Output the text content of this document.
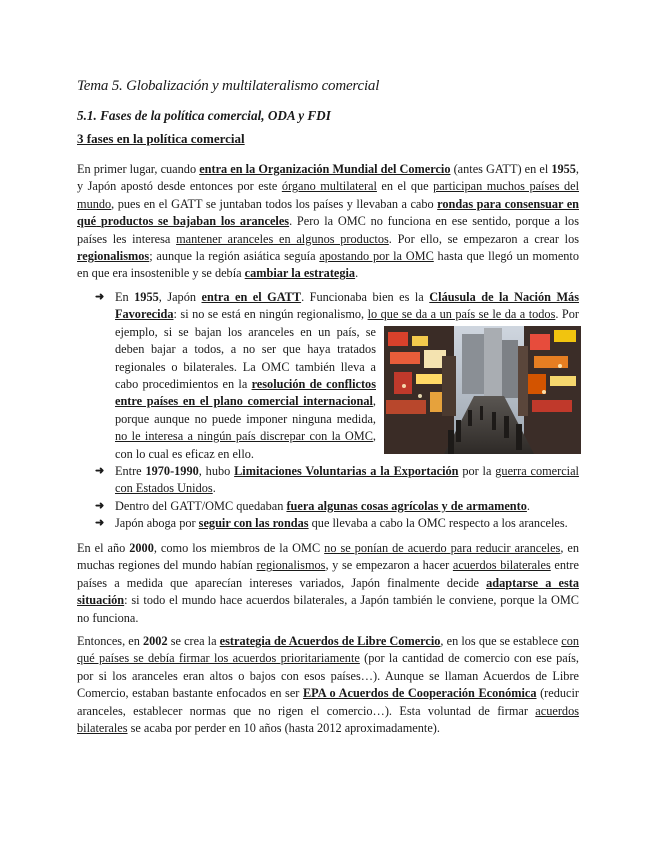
Tema 5. Globalización y multilateralismo comercial
5.1. Fases de la política comercial, ODA y FDI
3 fases en la política comercial

En primer lugar, cuando entra en la Organización Mundial del Comercio (antes GATT) en el 1955, y Japón apostó desde entonces por este órgano multilateral en el que participan muchos países del mundo, pues en el GATT se juntaban todos los países y llevaban a cabo rondas para consensuar en qué productos se bajaban los aranceles. Pero la OMC no funciona en ese sentido, porque a los países les interesa mantener aranceles en algunos productos. Por ello, se empezaron a crear los regionalismos; aunque la región asiática seguía apostando por la OMC hasta que llegó un momento en que era insostenible y se debía cambiar la estrategia.

➜ En 1955, Japón entra en el GATT. Funcionaba bien es la Cláusula de la Nación Más Favorecida: si no se está en ningún regionalismo, lo que se da a un país se le da a todos
. Por ejemplo, si se bajan los aranceles en un país, se deben bajar a todos, a no ser que haya tratados regionales o bilaterales. La OMC también lleva a cabo procedimientos en la resolución de conflictos entre países en el plano comercial internacional, porque aunque no puede imponer ninguna medida, no le interesa a ningún país discrepar con la OMC, con lo cual es eficaz en ello.
➜ Entre 1970-1990, hubo Limitaciones Voluntarias a la Exportación por la guerra comercial con Estados Unidos.
➜ Dentro del GATT/OMC quedaban fuera algunas cosas agrícolas y de armamento.
➜ Japón aboga por seguir con las rondas que llevaba a cabo la OMC respecto a los aranceles.

En el año 2000, como los miembros de la OMC no se ponían de acuerdo para reducir aranceles, en muchas regiones del mundo habían regionalismos, y se empezaron a hacer acuerdos bilaterales entre países a medida que aparecían intereses variados, Japón finalmente decide adaptarse a esta situación: si todo el mundo hace acuerdos bilaterales, a Japón también le conviene, porque la OMC no funciona.

Entonces, en 2002 se crea la estrategia de Acuerdos de Libre Comercio, en los que se establece con qué países se debía firmar los acuerdos prioritariamente (por la cantidad de comercio con ese país, por si los aranceles eran altos o bajos con esos países…). Aunque se llaman Acuerdos de Libre Comercio, estaban bastante enfocados en ser EPA o Acuerdos de Cooperación Económica (reducir aranceles, establecer normas que no rigen el comercio…). Esta voluntad de firmar acuerdos bilaterales se acaba por perder en 10 años (hasta 2012 aproximadamente).
